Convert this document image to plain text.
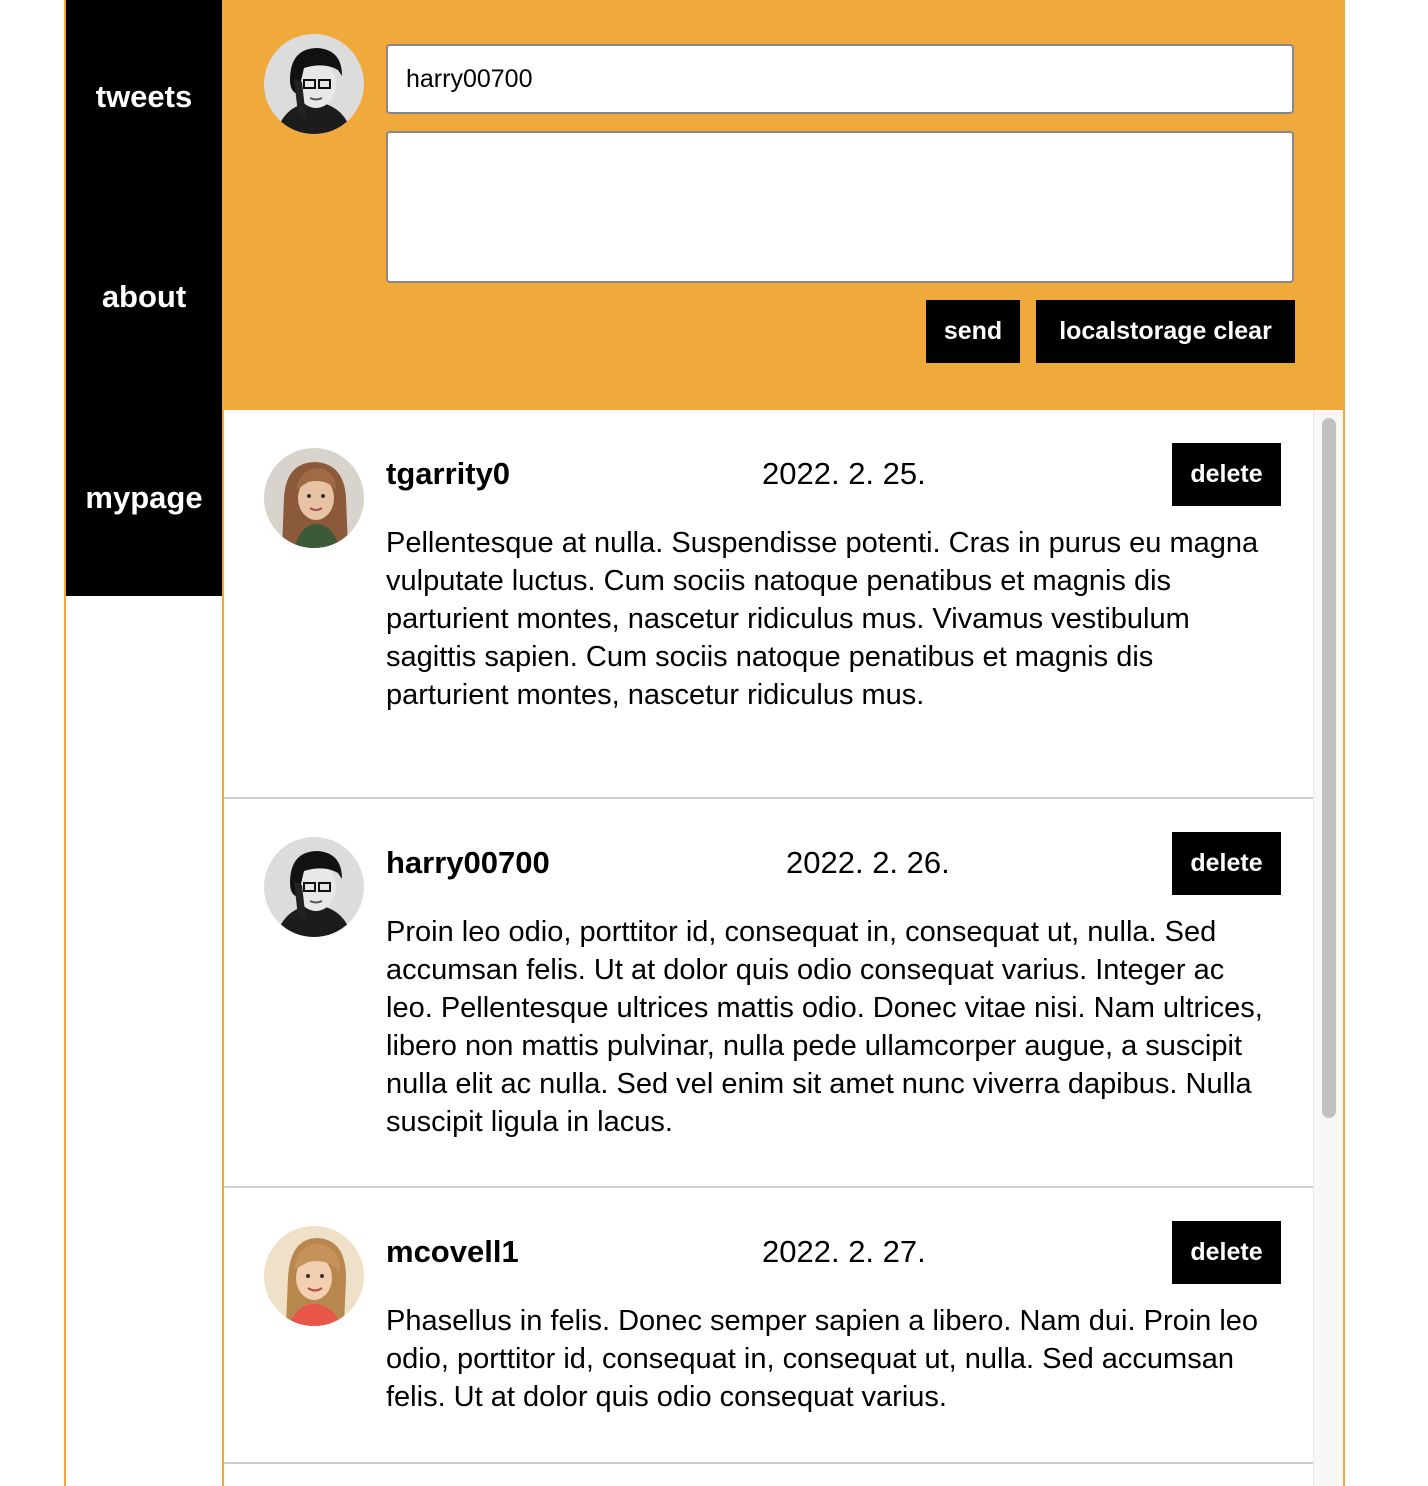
tweets
about
mypage
harry00700
send	localstorage clear
tgarrity0	2022. 2. 25.	delete
Pellentesque at nulla. Suspendisse potenti. Cras in purus eu magna vulputate luctus. Cum sociis natoque penatibus et magnis dis parturient montes, nascetur ridiculus mus. Vivamus vestibulum sagittis sapien. Cum sociis natoque penatibus et magnis dis parturient montes, nascetur ridiculus mus.
harry00700	2022. 2. 26.	delete
Proin leo odio, porttitor id, consequat in, consequat ut, nulla. Sed accumsan felis. Ut at dolor quis odio consequat varius. Integer ac leo. Pellentesque ultrices mattis odio. Donec vitae nisi. Nam ultrices, libero non mattis pulvinar, nulla pede ullamcorper augue, a suscipit nulla elit ac nulla. Sed vel enim sit amet nunc viverra dapibus. Nulla suscipit ligula in lacus.
mcovell1	2022. 2. 27.	delete
Phasellus in felis. Donec semper sapien a libero. Nam dui. Proin leo odio, porttitor id, consequat in, consequat ut, nulla. Sed accumsan felis. Ut at dolor quis odio consequat varius.
